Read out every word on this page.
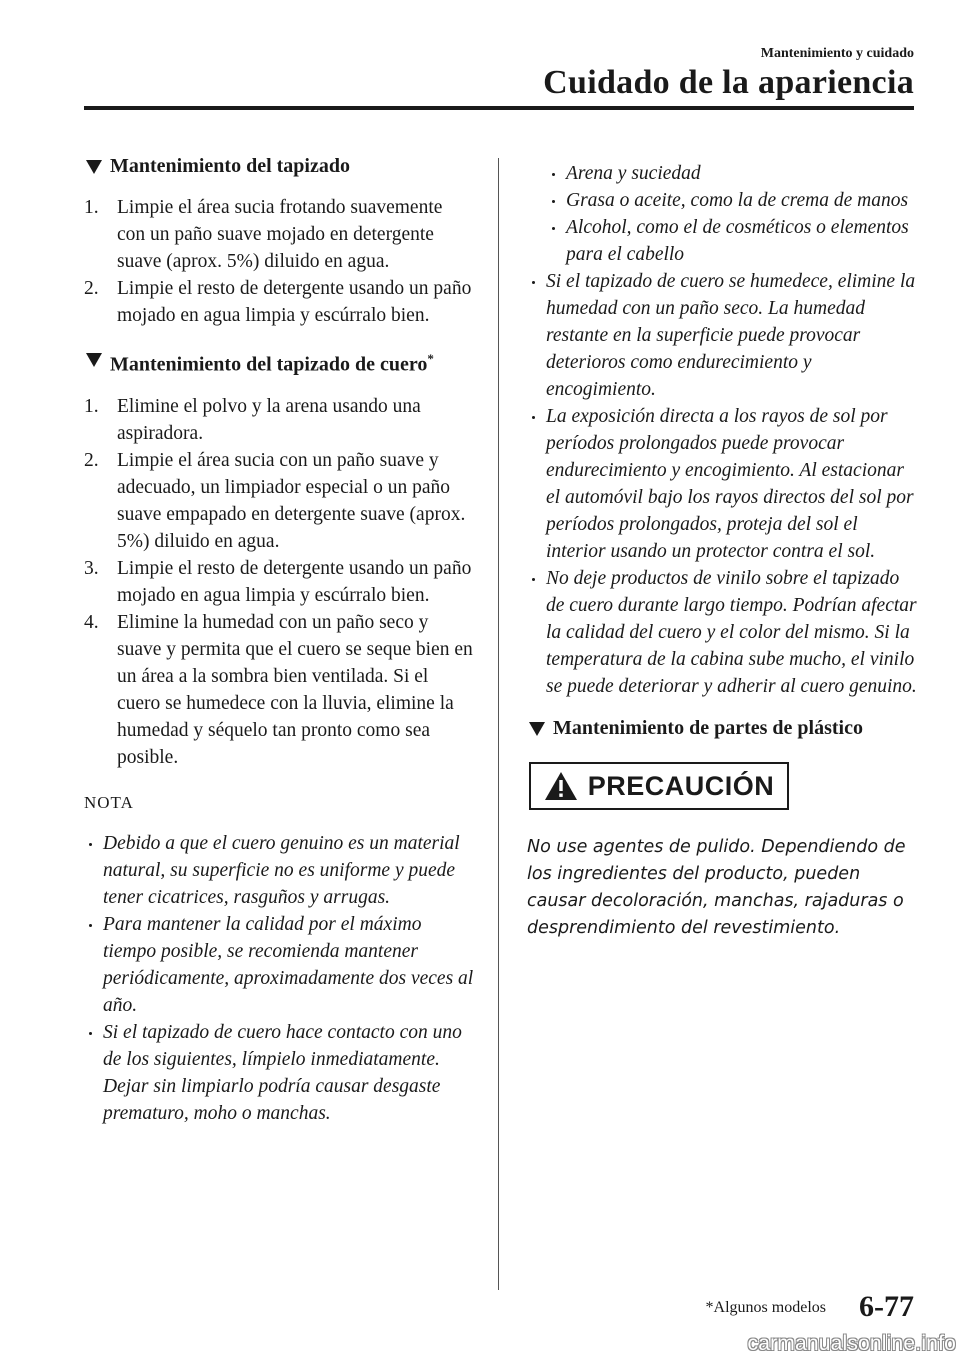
Mantenimiento y cuidado
Cuidado de la apariencia

Mantenimiento del tapizado

1. Limpie el área sucia frotando suavemente con un paño suave mojado en detergente suave (aprox. 5%) diluido en agua.
2. Limpie el resto de detergente usando un paño mojado en agua limpia y escúrralo bien.

Mantenimiento del tapizado de cuero*

1. Elimine el polvo y la arena usando una aspiradora.
2. Limpie el área sucia con un paño suave y adecuado, un limpiador especial o un paño suave empapado en detergente suave (aprox. 5%) diluido en agua.
3. Limpie el resto de detergente usando un paño mojado en agua limpia y escúrralo bien.
4. Elimine la humedad con un paño seco y suave y permita que el cuero se seque bien en un área a la sombra bien ventilada. Si el cuero se humedece con la lluvia, elimine la humedad y séquelo tan pronto como sea posible.
NOTA
Debido a que el cuero genuino es un material natural, su superficie no es uniforme y puede tener cicatrices, rasguños y arrugas.
Para mantener la calidad por el máximo tiempo posible, se recomienda mantener periódicamente, aproximadamente dos veces al año.
Si el tapizado de cuero hace contacto con uno de los siguientes, límpielo inmediatamente.
Dejar sin limpiarlo podría causar desgaste prematuro, moho o manchas.
Arena y suciedad
Grasa o aceite, como la de crema de manos
Alcohol, como el de cosméticos o elementos para el cabello
Si el tapizado de cuero se humedece, elimine la humedad con un paño seco. La humedad restante en la superficie puede provocar deterioros como endurecimiento y encogimiento.
La exposición directa a los rayos de sol por períodos prolongados puede provocar endurecimiento y encogimiento. Al estacionar el automóvil bajo los rayos directos del sol por períodos prolongados, proteja del sol el interior usando un protector contra el sol.
No deje productos de vinilo sobre el tapizado de cuero durante largo tiempo. Podrían afectar la calidad del cuero y el color del mismo. Si la temperatura de la cabina sube mucho, el vinilo se puede deteriorar y adherir al cuero genuino.

Mantenimiento de partes de plástico

PRECAUCIÓN
No use agentes de pulido. Dependiendo de los ingredientes del producto, pueden causar decoloración, manchas, rajaduras o desprendimiento del revestimiento.
*Algunos modelos 6-77
carmanualsonline.info
